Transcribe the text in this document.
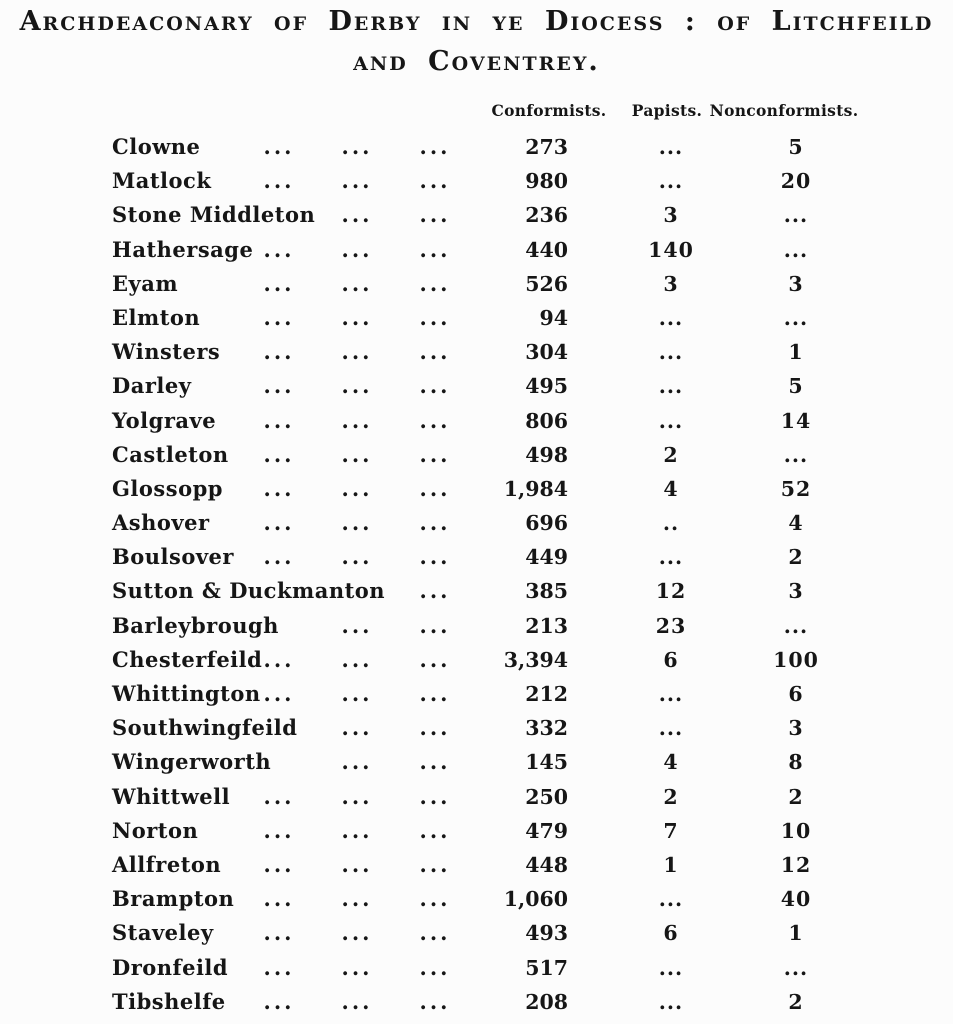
Archdeaconary of Derby in ye Diocess : of Litchfeild
and Coventrey.
Conformists. Papists. Nonconformists.
Clowne	...	...	...	273	...	5
Matlock	...	...	...	980	...	20
Stone Middleton	...	...	236	3	...
Hathersage ...	...	...	440	140	...
Eyam	...	...	...	526	3	3
Elmton	...	...	...	94	...	...
Winsters	...	...	...	304	...	1
Darley	...	...	...	495	...	5
Yolgrave	...	...	...	806	...	14
Castleton	...	...	...	498	2	...
Glossopp	...	...	...	1,984	4	52
Ashover	...	...	...	696	..	4
Boulsover	...	...	...	449	...	2
Sutton & Duckmanton	...	385	12	3
Barleybrough	...	...	213	23	...
Chesterfeild ...	...	...	3,394	6	100
Whittington ...	...	...	212	...	6
Southwingfeild	...	...	332	...	3
Wingerworth	...	...	145	4	8
Whittwell	...	...	...	250	2	2
Norton	...	...	...	479	7	10
Allfreton	...	...	...	448	1	12
Brampton	...	...	...	1,060	...	40
Staveley	...	...	...	493	6	1
Dronfeild	...	...	...	517	...	...
Tibshelfe	...	...	...	208	...	2
